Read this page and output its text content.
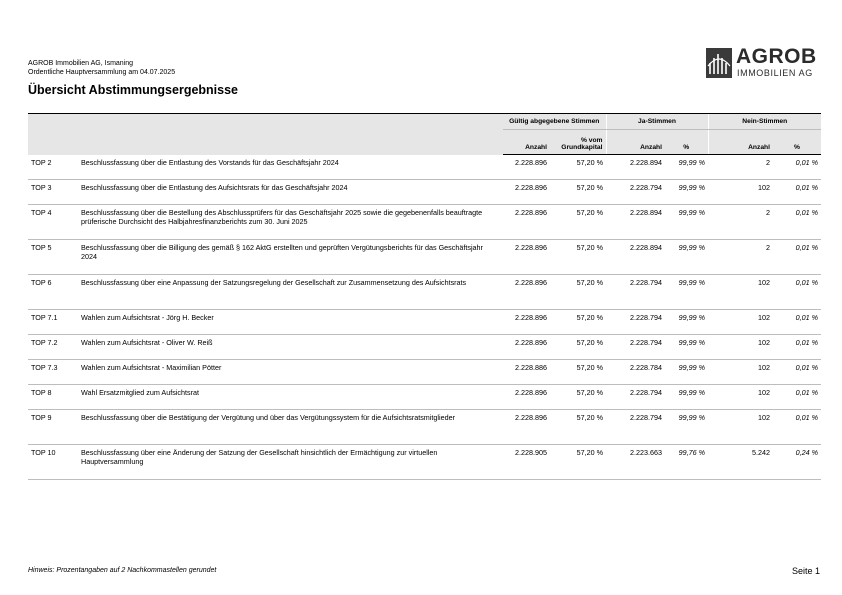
AGROB Immobilien AG, Ismaning
Ordentliche Hauptversammlung am 04.07.2025
Übersicht Abstimmungsergebnisse
AGROB
IMMOBILIEN AG
		Gültig abgegebene Stimmen		Ja-Stimmen		Nein-Stimmen	
		Anzahl	% vom Grundkapital	Anzahl	%	Anzahl	%
TOP 2	Beschlussfassung über die Entlastung des Vorstands für das Geschäftsjahr 2024	2.228.896	57,20 %	2.228.894	99,99 %	2	0,01 %
TOP 3	Beschlussfassung über die Entlastung des Aufsichtsrats für das Geschäftsjahr 2024	2.228.896	57,20 %	2.228.794	99,99 %	102	0,01 %
TOP 4	Beschlussfassung über die Bestellung des Abschlussprüfers für das Geschäftsjahr 2025 sowie die gegebenenfalls beauftragte prüferische Durchsicht des Halbjahresfinanzberichts zum 30. Juni 2025	2.228.896	57,20 %	2.228.894	99,99 %	2	0,01 %
TOP 5	Beschlussfassung über die Billigung des gemäß § 162 AktG erstellten und geprüften Vergütungsberichts für das Geschäftsjahr 2024	2.228.896	57,20 %	2.228.894	99,99 %	2	0,01 %
TOP 6	Beschlussfassung über eine Anpassung der Satzungsregelung der Gesellschaft zur Zusammensetzung des Aufsichtsrats	2.228.896	57,20 %	2.228.794	99,99 %	102	0,01 %
TOP 7.1	Wahlen zum Aufsichtsrat - Jörg H. Becker	2.228.896	57,20 %	2.228.794	99,99 %	102	0,01 %
TOP 7.2	Wahlen zum Aufsichtsrat - Oliver W. Reiß	2.228.896	57,20 %	2.228.794	99,99 %	102	0,01 %
TOP 7.3	Wahlen zum Aufsichtsrat - Maximilian Pötter	2.228.886	57,20 %	2.228.784	99,99 %	102	0,01 %
TOP 8	Wahl Ersatzmitglied zum Aufsichtsrat	2.228.896	57,20 %	2.228.794	99,99 %	102	0,01 %
TOP 9	Beschlussfassung über die Bestätigung der Vergütung und über das Vergütungssystem für die Aufsichtsratsmitglieder	2.228.896	57,20 %	2.228.794	99,99 %	102	0,01 %
TOP 10	Beschlussfassung über eine Änderung der Satzung der Gesellschaft hinsichtlich der Ermächtigung zur virtuellen Hauptversammlung	2.228.905	57,20 %	2.223.663	99,76 %	5.242	0,24 %
Hinweis: Prozentangaben auf 2 Nachkommastellen gerundet	Seite 1
